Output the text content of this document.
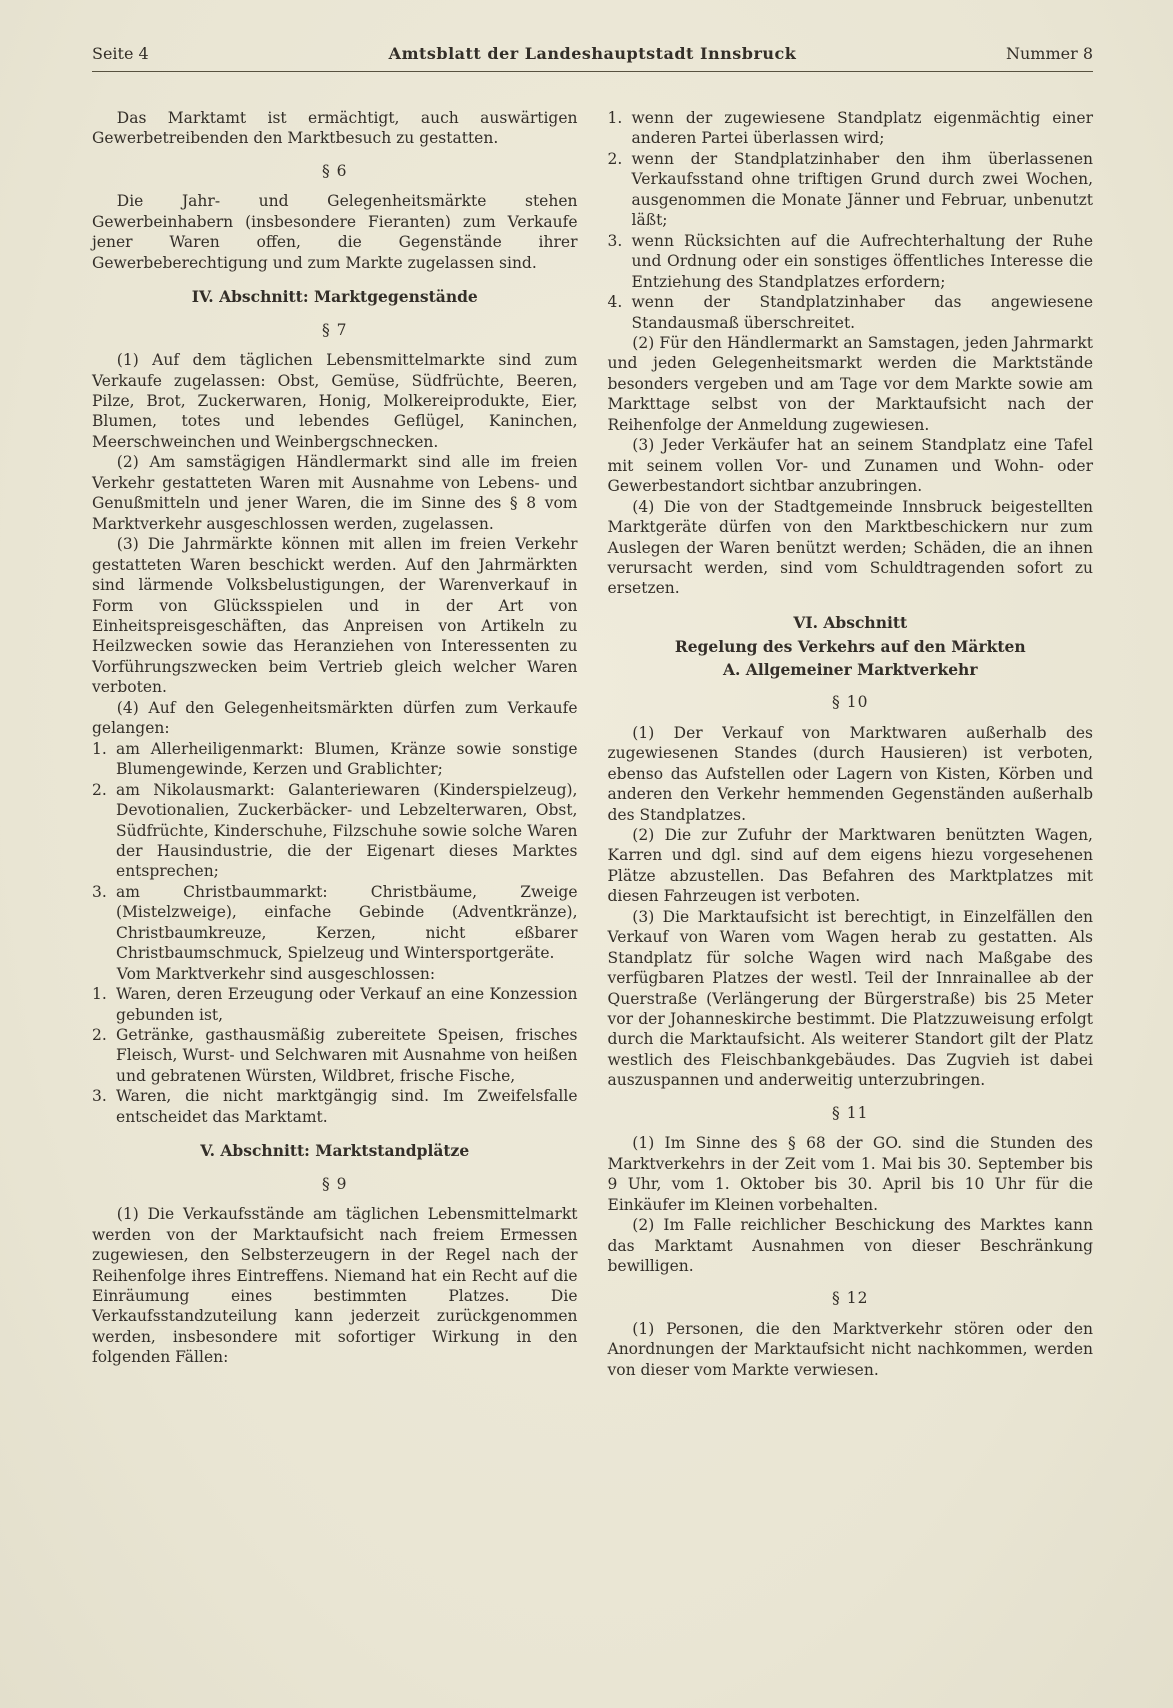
Seite 4	Amtsblatt der Landeshauptstadt Innsbruck	Nummer 8
Das Marktamt ist ermächtigt, auch auswärtigen Gewerbetreibenden den Marktbesuch zu gestatten.
§ 6
Die Jahr- und Gelegenheitsmärkte stehen Gewerbeinhabern (insbesondere Fieranten) zum Verkaufe jener Waren offen, die Gegenstände ihrer Gewerbeberechtigung und zum Markte zugelassen sind.
IV. Abschnitt: Marktgegenstände
§ 7
(1) Auf dem täglichen Lebensmittelmarkte sind zum Verkaufe zugelassen: Obst, Gemüse, Südfrüchte, Beeren, Pilze, Brot, Zuckerwaren, Honig, Molkereiprodukte, Eier, Blumen, totes und lebendes Geflügel, Kaninchen, Meerschweinchen und Weinbergschnecken.
(2) Am samstägigen Händlermarkt sind alle im freien Verkehr gestatteten Waren mit Ausnahme von Lebens- und Genußmitteln und jener Waren, die im Sinne des § 8 vom Marktverkehr ausgeschlossen werden, zugelassen.
(3) Die Jahrmärkte können mit allen im freien Verkehr gestatteten Waren beschickt werden. Auf den Jahrmärkten sind lärmende Volksbelustigungen, der Warenverkauf in Form von Glücksspielen und in der Art von Einheitspreisgeschäften, das Anpreisen von Artikeln zu Heilzwecken sowie das Heranziehen von Interessenten zu Vorführungszwecken beim Vertrieb gleich welcher Waren verboten.
(4) Auf den Gelegenheitsmärkten dürfen zum Verkaufe gelangen:
1. am Allerheiligenmarkt: Blumen, Kränze sowie sonstige Blumengewinde, Kerzen und Grablichter;
2. am Nikolausmarkt: Galanteriewaren (Kinderspielzeug), Devotionalien, Zuckerbäcker- und Lebzelterwaren, Obst, Südfrüchte, Kinderschuhe, Filzschuhe sowie solche Waren der Hausindustrie, die der Eigenart dieses Marktes entsprechen;
3. am Christbaummarkt: Christbäume, Zweige (Mistelzweige), einfache Gebinde (Adventkränze), Christbaumkreuze, Kerzen, nicht eßbarer Christbaumschmuck, Spielzeug und Wintersportgeräte.
Vom Marktverkehr sind ausgeschlossen:
1. Waren, deren Erzeugung oder Verkauf an eine Konzession gebunden ist,
2. Getränke, gasthausmäßig zubereitete Speisen, frisches Fleisch, Wurst- und Selchwaren mit Ausnahme von heißen und gebratenen Würsten, Wildbret, frische Fische,
3. Waren, die nicht marktgängig sind. Im Zweifelsfalle entscheidet das Marktamt.
V. Abschnitt: Marktstandplätze
§ 9
(1) Die Verkaufsstände am täglichen Lebensmittelmarkt werden von der Marktaufsicht nach freiem Ermessen zugewiesen, den Selbsterzeugern in der Regel nach der Reihenfolge ihres Eintreffens. Niemand hat ein Recht auf die Einräumung eines bestimmten Platzes. Die Verkaufsstandzuteilung kann jederzeit zurückgenommen werden, insbesondere mit sofortiger Wirkung in den folgenden Fällen:
1. wenn der zugewiesene Standplatz eigenmächtig einer anderen Partei überlassen wird;
2. wenn der Standplatzinhaber den ihm überlassenen Verkaufsstand ohne triftigen Grund durch zwei Wochen, ausgenommen die Monate Jänner und Februar, unbenutzt läßt;
3. wenn Rücksichten auf die Aufrechterhaltung der Ruhe und Ordnung oder ein sonstiges öffentliches Interesse die Entziehung des Standplatzes erfordern;
4. wenn der Standplatzinhaber das angewiesene Standausmaß überschreitet.
(2) Für den Händlermarkt an Samstagen, jeden Jahrmarkt und jeden Gelegenheitsmarkt werden die Marktstände besonders vergeben und am Tage vor dem Markte sowie am Markttage selbst von der Marktaufsicht nach der Reihenfolge der Anmeldung zugewiesen.
(3) Jeder Verkäufer hat an seinem Standplatz eine Tafel mit seinem vollen Vor- und Zunamen und Wohn- oder Gewerbestandort sichtbar anzubringen.
(4) Die von der Stadtgemeinde Innsbruck beigestellten Marktgeräte dürfen von den Marktbeschickern nur zum Auslegen der Waren benützt werden; Schäden, die an ihnen verursacht werden, sind vom Schuldtragenden sofort zu ersetzen.
VI. Abschnitt
Regelung des Verkehrs auf den Märkten
A. Allgemeiner Marktverkehr
§ 10
(1) Der Verkauf von Marktwaren außerhalb des zugewiesenen Standes (durch Hausieren) ist verboten, ebenso das Aufstellen oder Lagern von Kisten, Körben und anderen den Verkehr hemmenden Gegenständen außerhalb des Standplatzes.
(2) Die zur Zufuhr der Marktwaren benützten Wagen, Karren und dgl. sind auf dem eigens hiezu vorgesehenen Plätze abzustellen. Das Befahren des Marktplatzes mit diesen Fahrzeugen ist verboten.
(3) Die Marktaufsicht ist berechtigt, in Einzelfällen den Verkauf von Waren vom Wagen herab zu gestatten. Als Standplatz für solche Wagen wird nach Maßgabe des verfügbaren Platzes der westl. Teil der Innrainallee ab der Querstraße (Verlängerung der Bürgerstraße) bis 25 Meter vor der Johanneskirche bestimmt. Die Platzzuweisung erfolgt durch die Marktaufsicht. Als weiterer Standort gilt der Platz westlich des Fleischbankgebäudes. Das Zugvieh ist dabei auszuspannen und anderweitig unterzubringen.
§ 11
(1) Im Sinne des § 68 der GO. sind die Stunden des Marktverkehrs in der Zeit vom 1. Mai bis 30. September bis 9 Uhr, vom 1. Oktober bis 30. April bis 10 Uhr für die Einkäufer im Kleinen vorbehalten.
(2) Im Falle reichlicher Beschickung des Marktes kann das Marktamt Ausnahmen von dieser Beschränkung bewilligen.
§ 12
(1) Personen, die den Marktverkehr stören oder den Anordnungen der Marktaufsicht nicht nachkommen, werden von dieser vom Markte verwiesen.
